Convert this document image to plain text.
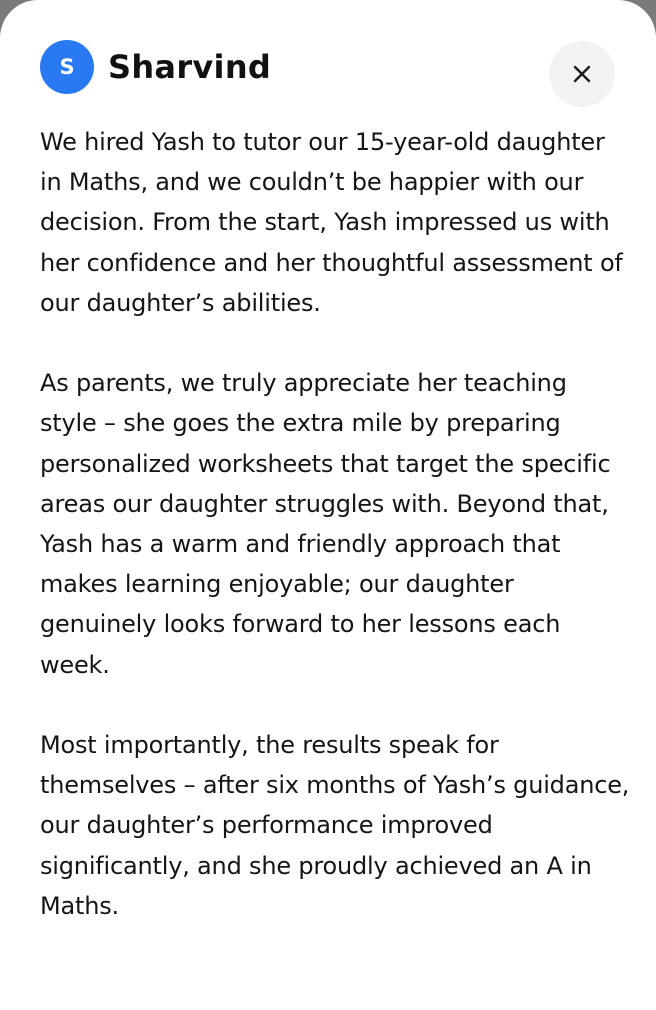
S Sharvind

We hired Yash to tutor our 15-year-old daughter in Maths, and we couldn’t be happier with our decision. From the start, Yash impressed us with her confidence and her thoughtful assessment of our daughter’s abilities.

As parents, we truly appreciate her teaching style – she goes the extra mile by preparing personalized worksheets that target the specific areas our daughter struggles with. Beyond that, Yash has a warm and friendly approach that makes learning enjoyable; our daughter genuinely looks forward to her lessons each week.

Most importantly, the results speak for themselves – after six months of Yash’s guidance, our daughter’s performance improved significantly, and she proudly achieved an A in Maths.
